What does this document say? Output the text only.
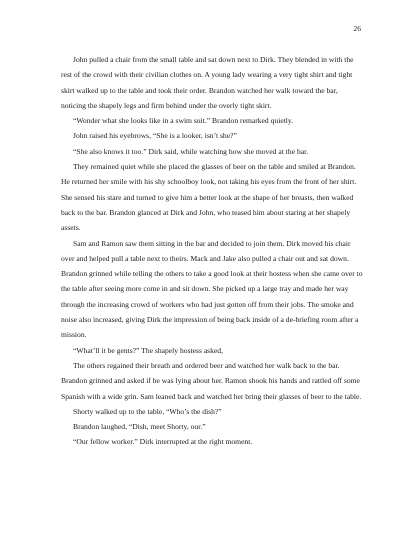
26

John pulled a chair from the small table and sat down next to Dirk. They blended in with the rest of the crowd with their civilian clothes on. A young lady wearing a very tight shirt and tight skirt walked up to the table and took their order. Brandon watched her walk toward the bar, noticing the shapely legs and firm behind under the overly tight skirt.

“Wonder what she looks like in a swim suit.” Brandon remarked quietly.

John raised his eyebrows, “She is a looker, isn’t she?”

“She also knows it too.” Dirk said, while watching how she moved at the bar.

They remained quiet while she placed the glasses of beer on the table and smiled at Brandon. He returned her smile with his shy schoolboy look, not taking his eyes from the front of her shirt. She sensed his stare and turned to give him a better look at the shape of her breasts, then walked back to the bar. Brandon glanced at Dirk and John, who teased him about staring at her shapely assets.

Sam and Ramon saw them sitting in the bar and decided to join them. Dirk moved his chair over and helped pull a table next to theirs. Mack and Jake also pulled a chair out and sat down. Brandon grinned while telling the others to take a good look at their hostess when she came over to the table after seeing more come in and sit down. She picked up a large tray and made her way through the increasing crowd of workers who had just gotten off from their jobs. The smoke and noise also increased, giving Dirk the impression of being back inside of a de-briefing room after a mission.

“What’ll it be gents?” The shapely hostess asked,

The others regained their breath and ordered beer and watched her walk back to the bar. Brandon grinned and asked if he was lying about her. Ramon shook his hands and rattled off some Spanish with a wide grin. Sam leaned back and watched her bring their glasses of beer to the table.

Shorty walked up to the table, “Who’s the dish?”

Brandon laughed, “Dish, meet Shorty, our.”

“Our fellow worker.” Dirk interrupted at the right moment.
